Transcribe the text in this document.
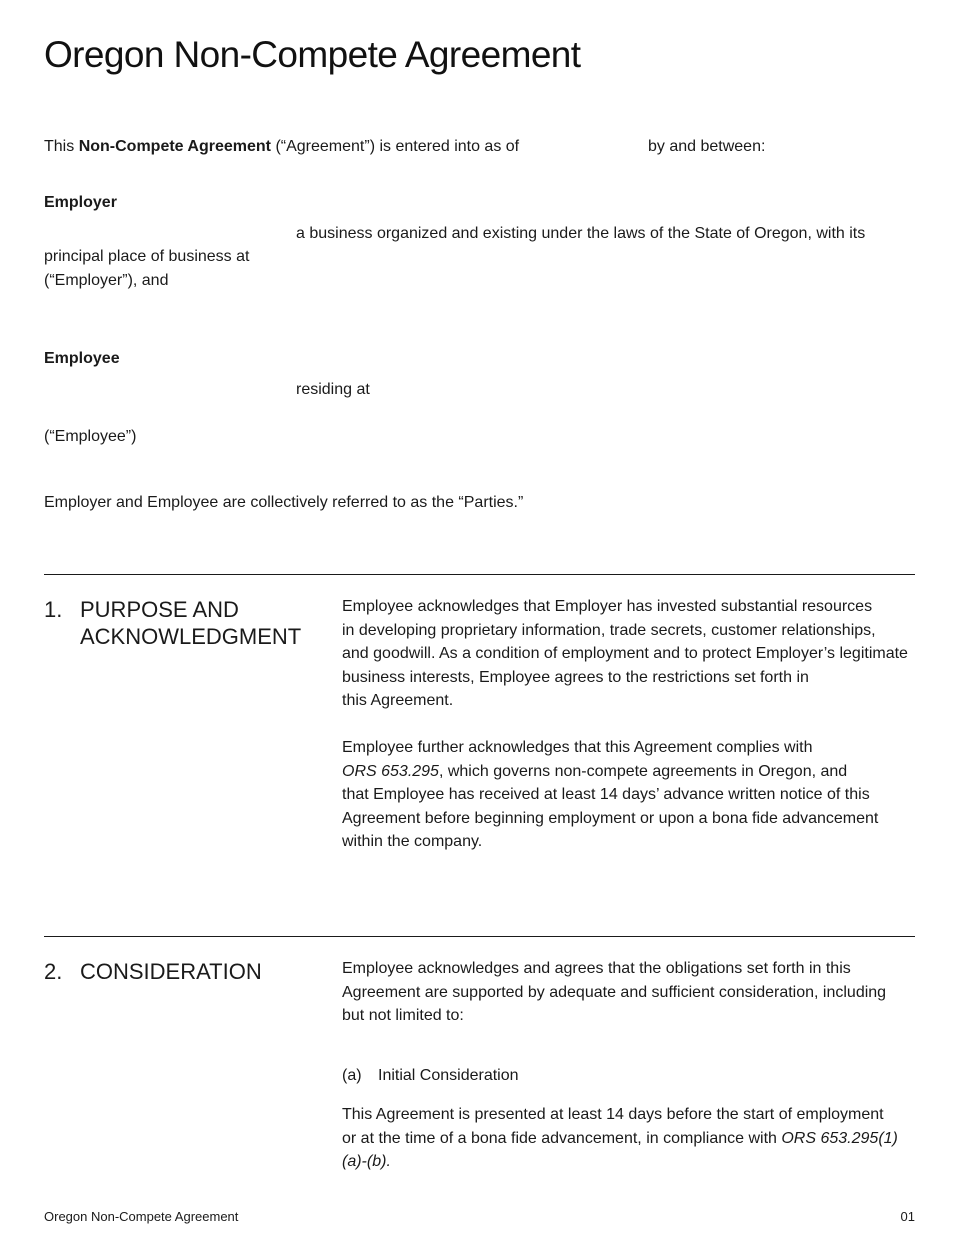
Oregon Non-Compete Agreement
This Non-Compete Agreement (“Agreement”) is entered into as of	by and between:
Employer
a business organized and existing under the laws of the State of Oregon, with its
principal place of business at
(“Employer”), and
Employee
residing at
(“Employee”)
Employer and Employee are collectively referred to as the “Parties.”
1. PURPOSE AND
ACKNOWLEDGMENT

Employee acknowledges that Employer has invested substantial resources

in developing proprietary information, trade secrets, customer relationships,

and goodwill. As a condition of employment and to protect Employer’s legitimate

business interests, Employee agrees to the restrictions set forth in

this Agreement.

Employee further acknowledges that this Agreement complies with

ORS 653.295, which governs non-compete agreements in Oregon, and

that Employee has received at least 14 days’ advance written notice of this

Agreement before beginning employment or upon a bona fide advancement

within the company.

2. CONSIDERATION	Employee acknowledges and agrees that the obligations set forth in this

Agreement are supported by adequate and sufficient consideration, including

but not limited to:

(a) Initial Consideration

This Agreement is presented at least 14 days before the start of employment

or at the time of a bona fide advancement, in compliance with ORS 653.295(1)

(a)-(b).

Oregon Non-Compete Agreement	01
